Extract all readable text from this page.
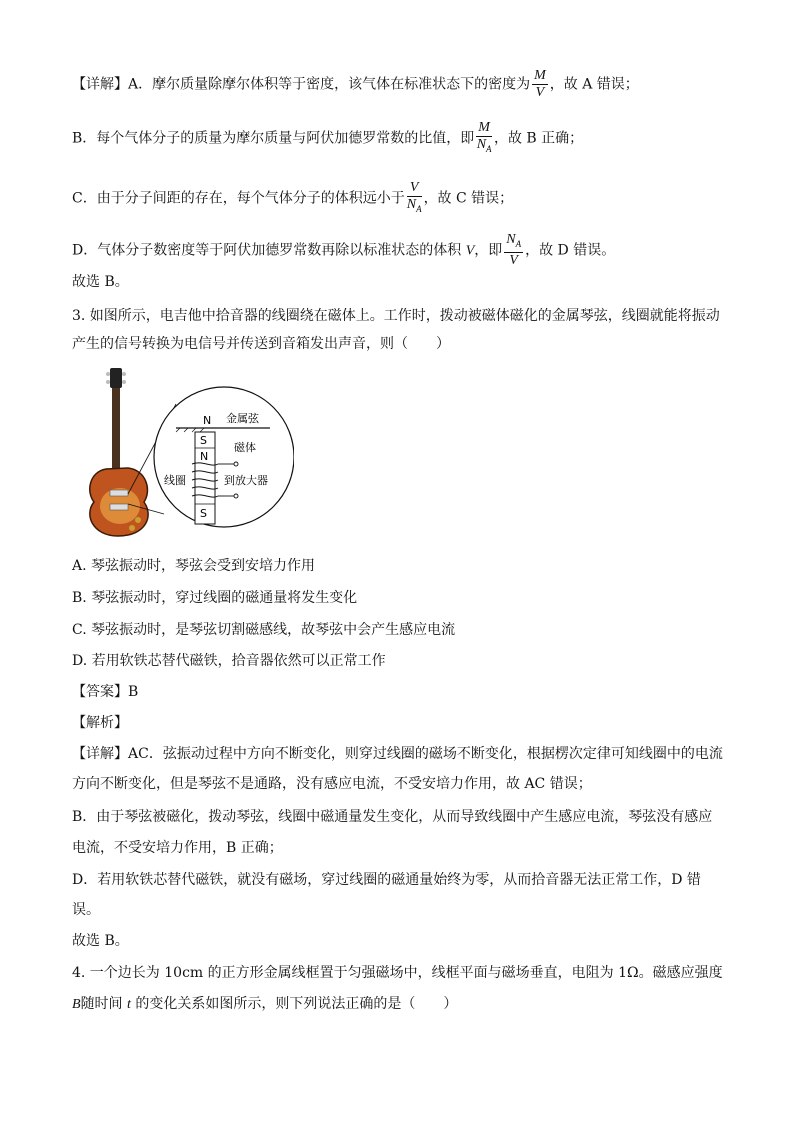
【详解】A．摩尔质量除摩尔体积等于密度，该气体在标准状态下的密度为 $\frac{M}{V}$ ，故 A 错误；
B．每个气体分子的质量为摩尔质量与阿伏加德罗常数的比值，即 $\frac{M}{N_A}$ ，故 B 正确；
C．由于分子间距的存在，每个气体分子的体积远小于 $\frac{V}{N_A}$ ，故 C 错误；
D．气体分子数密度等于阿伏加德罗常数再除以标准状态的体积 V，即 $\frac{N_A}{V}$ ，故 D 错误。
故选 B。
3. 如图所示，电吉他中拾音器的线圈绕在磁体上。工作时，拨动被磁体磁化的金属琴弦，线圈就能将振动
产生的信号转换为电信号并传送到音箱发出声音，则（　　）
N 金属弦
S
N
S
磁体
线圈	到放大器
A. 琴弦振动时，琴弦会受到安培力作用
B. 琴弦振动时，穿过线圈的磁通量将发生变化
C. 琴弦振动时，是琴弦切割磁感线，故琴弦中会产生感应电流
D. 若用软铁芯替代磁铁，拾音器依然可以正常工作
【答案】B
【解析】
【详解】AC．弦振动过程中方向不断变化，则穿过线圈的磁场不断变化，根据楞次定律可知线圈中的电流
方向不断变化，但是琴弦不是通路，没有感应电流，不受安培力作用，故 AC 错误；
B．由于琴弦被磁化，拨动琴弦，线圈中磁通量发生变化，从而导致线圈中产生感应电流，琴弦没有感应
电流，不受安培力作用，B 正确；
D．若用软铁芯替代磁铁，就没有磁场，穿过线圈的磁通量始终为零，从而拾音器无法正常工作，D 错
误。
故选 B。
4. 一个边长为 10cm 的正方形金属线框置于匀强磁场中，线框平面与磁场垂直，电阻为 1Ω。磁感应强度
B随时间 t 的变化关系如图所示，则下列说法正确的是（　　）
